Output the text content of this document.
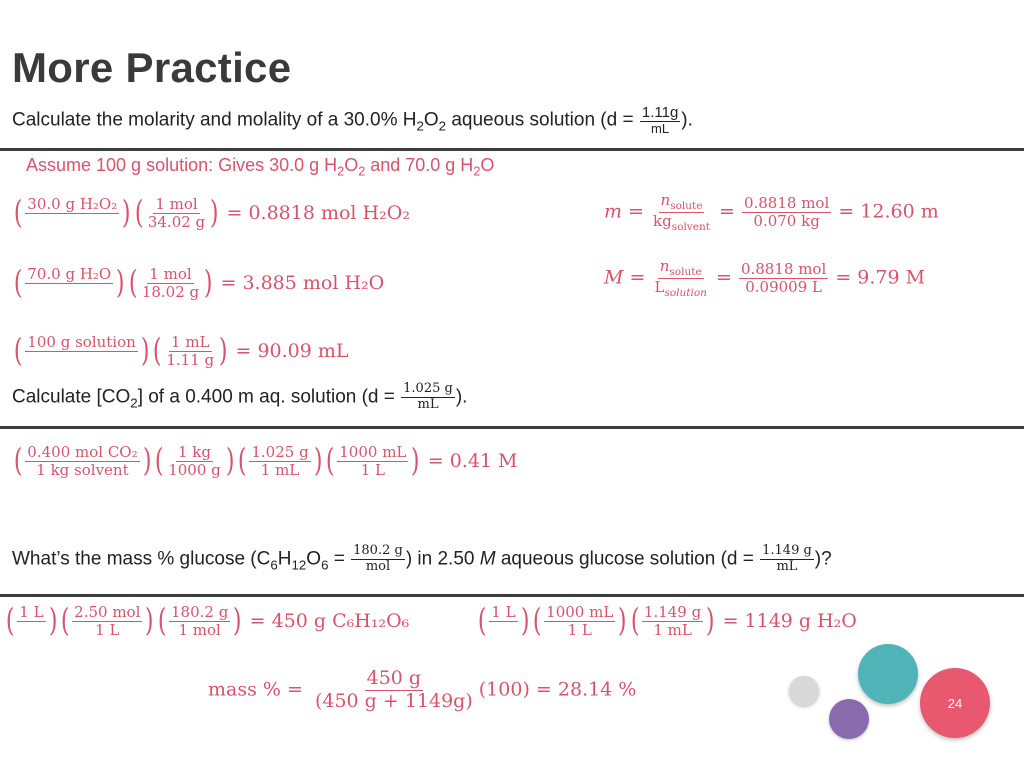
More Practice
Calculate the molarity and molality of a 30.0% $H_2O_2$ aqueous solution ($d = \frac{1.11g}{mL}$ ).
Assume 100 g solution: Gives 30.0 g $H_2O_2$ and 70.0 g $H_2O$
( 30.0 g H₂O₂

) ( $\frac{\text{1 mol}}{34.02 g}$
) = 0.8818 mol H₂O₂
( 70.0 g H₂O

) ( $\frac{\text{1 mol}}{18.02 g}$
) = 3.885 mol H₂O
( 100 g solution

) ( $\frac{1 mL}{1.11 g}$
) = 90.09 mL
$m = \frac{n_{solute}}{kg_{solvent}} = \frac{\text{0.8818 mol}}{0.070 kg} = 12.60$ m
$M = \frac{n_{solute}}{L_{solution}} = \frac{\text{0.8818 mol}}{0.09009 L} = 9.79$ M
Calculate $[CO_2]$ of a 0.400 m aq. solution ($d = \frac{1.025 g}{mL}$ ).
( $\frac{\text{0.400 mol CO₂}}{\text{1 kg solvent}}$
) ( $\frac{1 kg}{1000 g}$
) ( $\frac{1.025 g}{1 mL}$
) ( $\frac{1000 mL}{1 L}$
) = 0.41 M
What’s the mass % glucose ($C_6H_{12}O_6 = \frac{180.2 g}{\text{mol}}$ ) in 2.50 M aqueous glucose solution ($d = \frac{1.149 g}{mL}$ )?
( 1 L

) ( $\frac{\text{2.50 mol}}{1 L}$
) ( $\frac{180.2 g}{\text{1 mol}}$
) = 450 g C₆H₁₂O₆	( 1 L

) ( $\frac{1000 mL}{1 L}$
) ( $\frac{1.149 g}{1 mL}$
) = 1149 g H₂O
mass % = $\frac{450 g}{(450 g + 1149g)} (100) = 28.14$ %
24
